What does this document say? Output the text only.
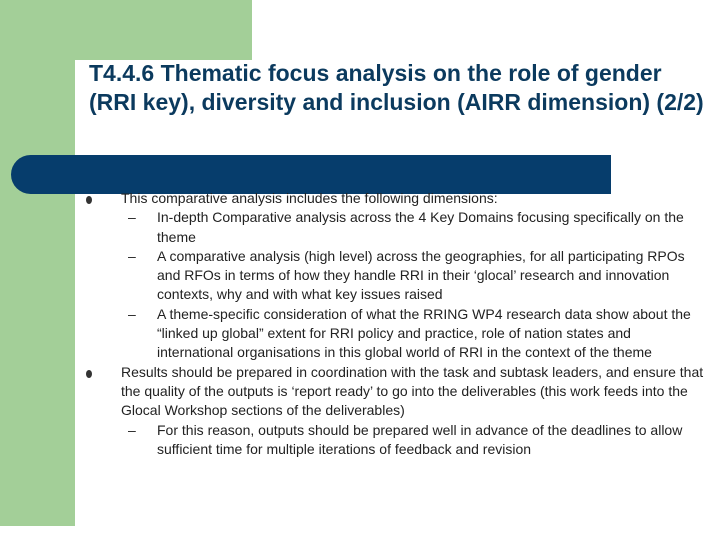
T4.4.6 Thematic focus analysis on the role of gender (RRI key), diversity and inclusion (AIRR dimension) (2/2)
This comparative analysis includes the following dimensions:
– In-depth Comparative analysis across the 4 Key Domains focusing specifically on the theme
– A comparative analysis (high level) across the geographies, for all participating RPOs and RFOs in terms of how they handle RRI in their ‘glocal’ research and innovation contexts, why and with what key issues raised
– A theme-specific consideration of what the RRING WP4 research data show about the “linked up global” extent for RRI policy and practice, role of nation states and international organisations in this global world of RRI in the context of the theme
Results should be prepared in coordination with the task and subtask leaders, and ensure that the quality of the outputs is ‘report ready’ to go into the deliverables (this work feeds into the Glocal Workshop sections of the deliverables)
– For this reason, outputs should be prepared well in advance of the deadlines to allow sufficient time for multiple iterations of feedback and revision
